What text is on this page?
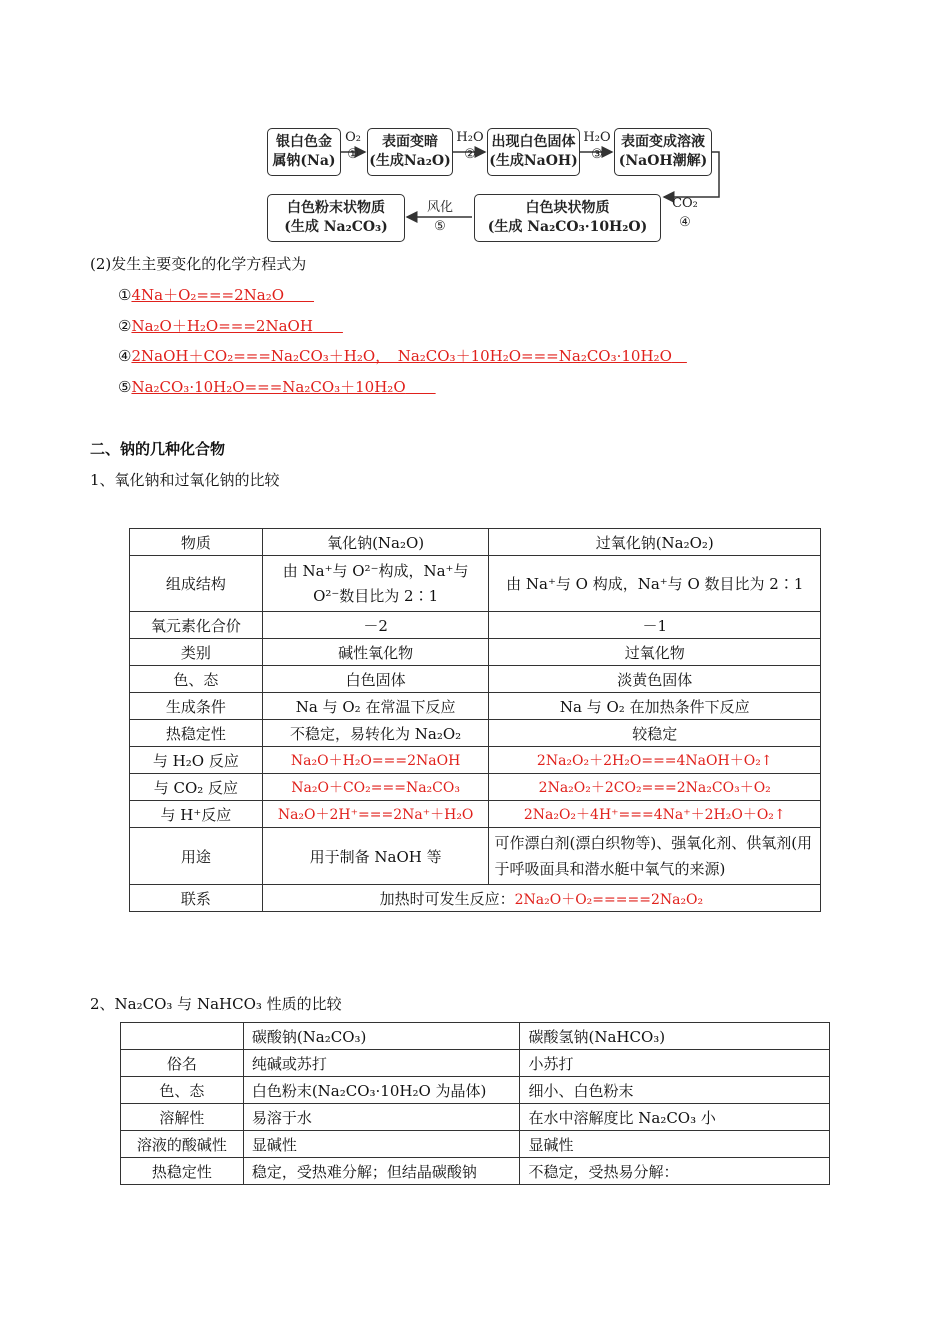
银白色金
属钠(Na)
表面变暗
(生成Na₂O)
出现白色固体
(生成NaOH)
表面变成溶液
(NaOH潮解)
白色块状物质
(生成 Na₂CO₃·10H₂O)
白色粉末状物质
(生成 Na₂CO₃)
O₂
①
H₂O
②
H₂O
③
CO₂
④
风化
⑤
(2)发生主要变化的化学方程式为
①4Na＋O₂===2Na₂O  
②Na₂O＋H₂O===2NaOH  
④2NaOH＋CO₂===Na₂CO₃＋H₂O，　Na₂CO₃＋10H₂O===Na₂CO₃·10H₂O 
⑤Na₂CO₃·10H₂O===Na₂CO₃＋10H₂O  
二、钠的几种化合物
1、氧化钠和过氧化钠的比较
物质	氧化钠(Na₂O)	过氧化钠(Na₂O₂)
组成结构	由 Na⁺与 O²⁻构成，Na⁺与 O²⁻数目比为 2∶1	由 Na⁺与 O 构成，Na⁺与 O 数目比为 2∶1
氧元素化合价	－2	－1
类别	碱性氧化物	过氧化物
色、态	白色固体	淡黄色固体
生成条件	Na 与 O₂ 在常温下反应	Na 与 O₂ 在加热条件下反应
热稳定性	不稳定，易转化为 Na₂O₂	较稳定
与 H₂O 反应	Na₂O＋H₂O===2NaOH	2Na₂O₂＋2H₂O===4NaOH＋O₂↑
与 CO₂ 反应	Na₂O＋CO₂===Na₂CO₃	2Na₂O₂＋2CO₂===2Na₂CO₃＋O₂
与 H⁺反应	Na₂O＋2H⁺===2Na⁺＋H₂O	2Na₂O₂＋4H⁺===4Na⁺＋2H₂O＋O₂↑
用途	用于制备 NaOH 等	可作漂白剂(漂白织物等)、强氧化剂、供氧剂(用于呼吸面具和潜水艇中氧气的来源)
联系	加热时可发生反应：2Na₂O＋O₂=====2Na₂O₂	
2、Na₂CO₃ 与 NaHCO₃ 性质的比较
	碳酸钠(Na₂CO₃)	碳酸氢钠(NaHCO₃)
俗名	纯碱或苏打	小苏打
色、态	白色粉末(Na₂CO₃·10H₂O 为晶体)	细小、白色粉末
溶解性	易溶于水	在水中溶解度比 Na₂CO₃ 小
溶液的酸碱性	显碱性	显碱性
热稳定性	稳定，受热难分解；但结晶碳酸钠	不稳定，受热易分解：
